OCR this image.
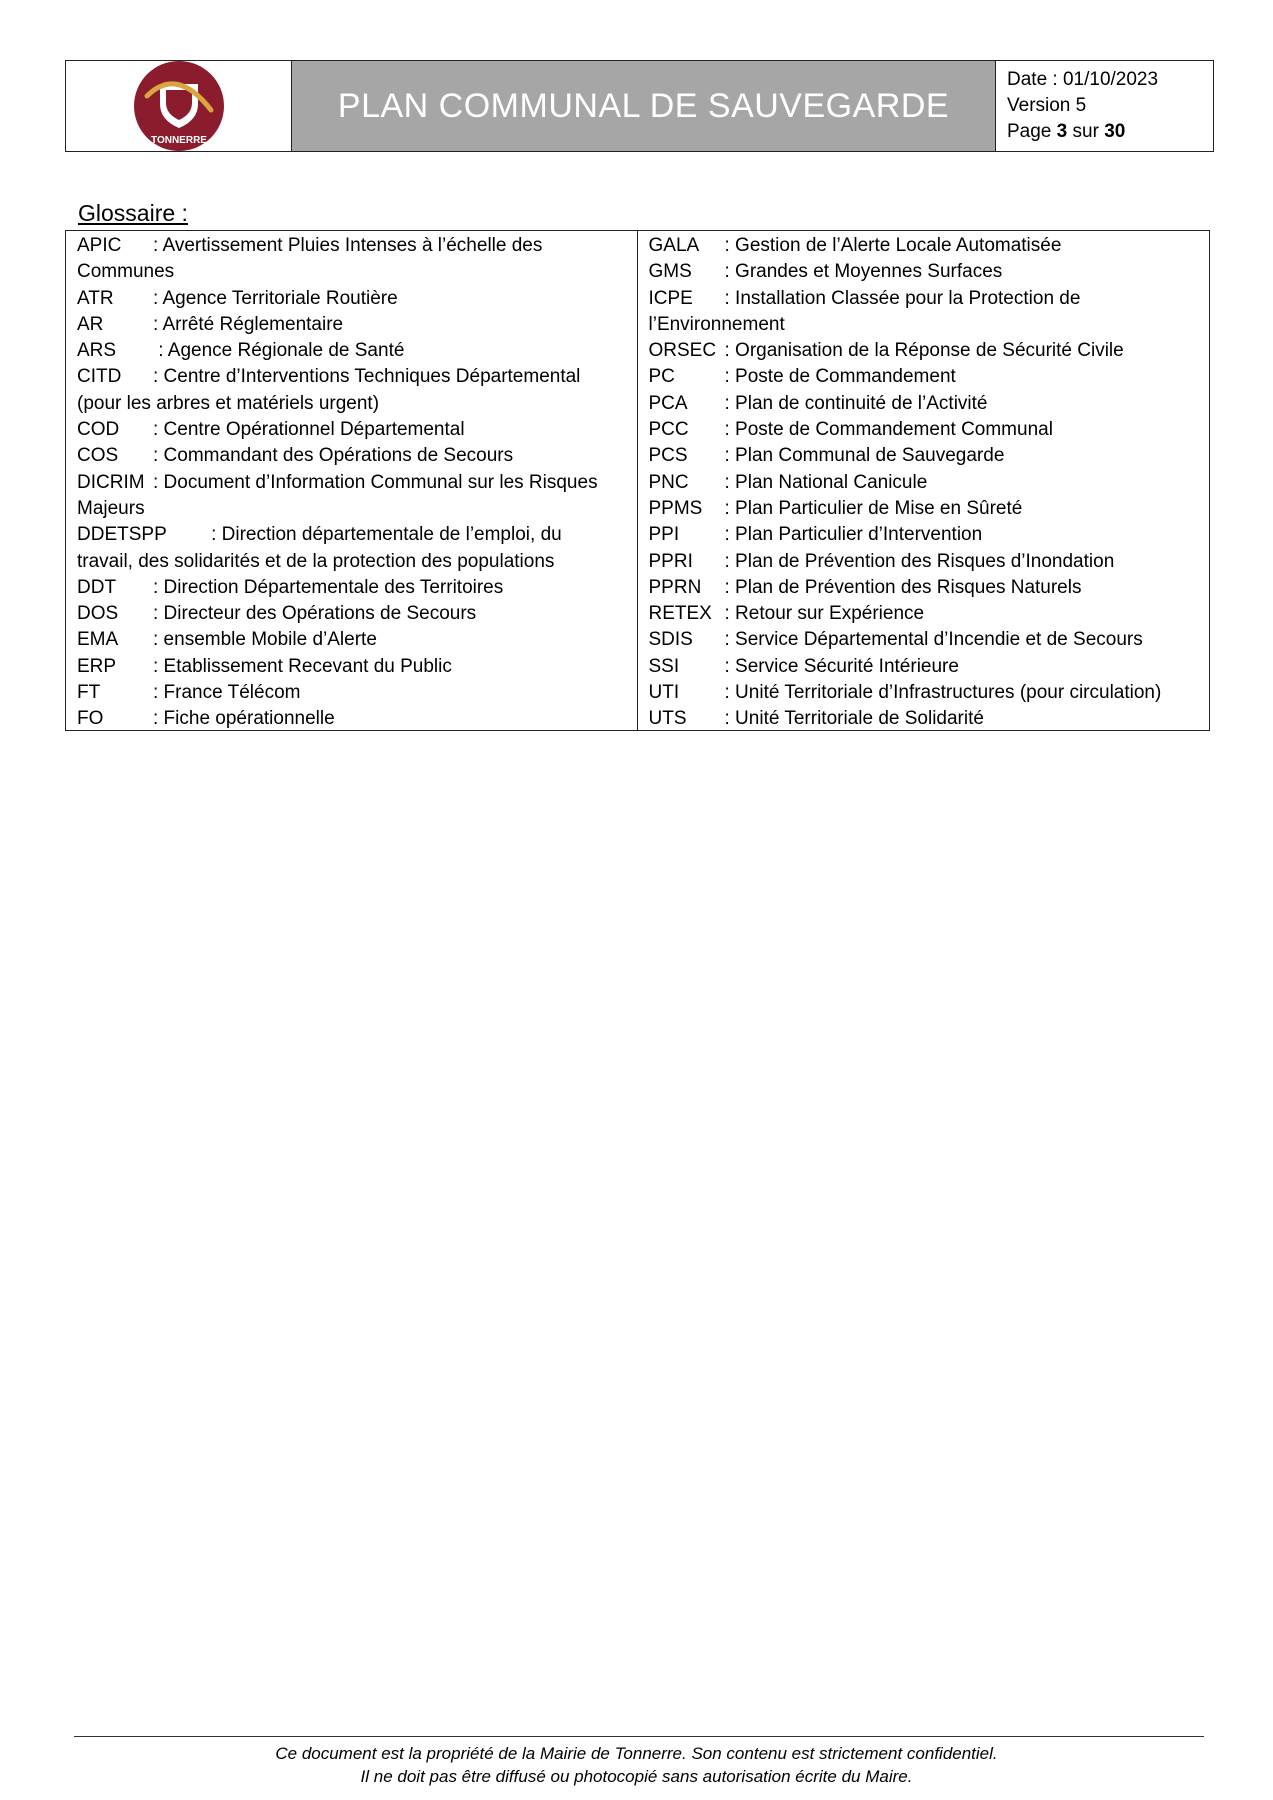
TONNERRE
PLAN COMMUNAL DE SAUVEGARDE
Date : 01/10/2023
Version 5
Page 3 sur 30
Glossaire :
APIC : Avertissement Pluies Intenses à l’échelle des
Communes
ATR : Agence Territoriale Routière
AR	: Arrêté Réglementaire
ARS : Agence Régionale de Santé
CITD : Centre d’Interventions Techniques Départemental
(pour les arbres et matériels urgent)
COD : Centre Opérationnel Départemental
COS : Commandant des Opérations de Secours
DICRIM : Document d’Information Communal sur les Risques
Majeurs
DDETSPP           : Direction départementale de l’emploi, du
travail, des solidarités et de la protection des populations
DDT : Direction Départementale des Territoires
DOS : Directeur des Opérations de Secours
EMA : ensemble Mobile d’Alerte
ERP : Etablissement Recevant du Public
FT	: France Télécom
FO	: Fiche opérationnelle
GALA : Gestion de l’Alerte Locale Automatisée
GMS : Grandes et Moyennes Surfaces
ICPE : Installation Classée pour la Protection de
l’Environnement
ORSEC : Organisation de la Réponse de Sécurité Civile
PC	: Poste de Commandement
PCA : Plan de continuité de l’Activité
PCC : Poste de Commandement Communal
PCS : Plan Communal de Sauvegarde
PNC : Plan National Canicule
PPMS : Plan Particulier de Mise en Sûreté
PPI : Plan Particulier d’Intervention
PPRI : Plan de Prévention des Risques d’Inondation
PPRN : Plan de Prévention des Risques Naturels
RETEX : Retour sur Expérience
SDIS : Service Départemental d’Incendie et de Secours
SSI : Service Sécurité Intérieure
UTI : Unité Territoriale d’Infrastructures (pour circulation)
UTS : Unité Territoriale de Solidarité
Ce document est la propriété de la Mairie de Tonnerre. Son contenu est strictement confidentiel.
Il ne doit pas être diffusé ou photocopié sans autorisation écrite du Maire.
